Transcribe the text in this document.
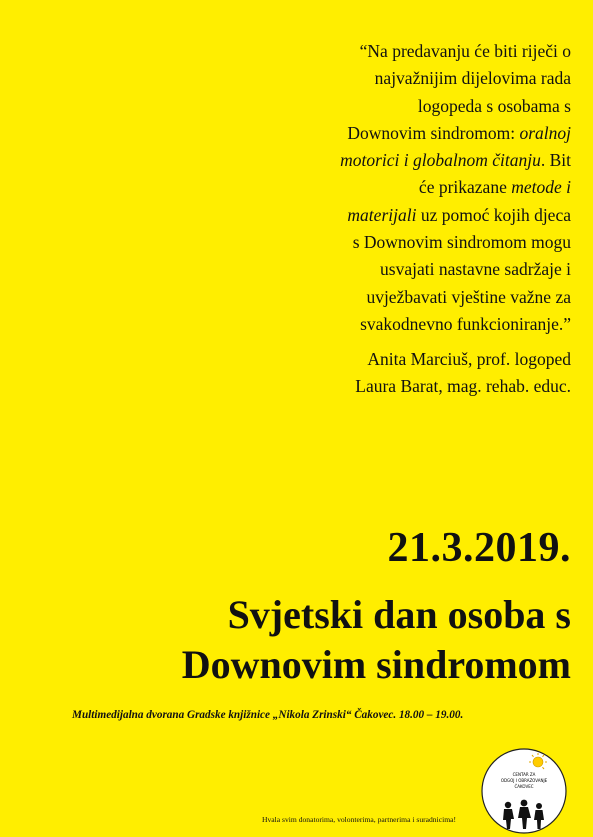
“Na predavanju će biti riječi o
najvažnijim dijelovima rada
logopeda s osobama s
Downovim sindromom: oralnoj
motorici i globalnom čitanju. Bit
će prikazane metode i
materijali uz pomoć kojih djeca
s Downovim sindromom mogu
usvajati nastavne sadržaje i
uvježbavati vještine važne za
svakodnevno funkcioniranje.”
Anita Marciuš, prof. logoped
Laura Barat, mag. rehab. educ.
21.3.2019.
Svjetski dan osoba s
Downovim sindromom
Multimedijalna dvorana Gradske knjižnice „Nikola Zrinski“ Čakovec. 18.00 – 19.00.
CENTAR ZA
ODGOJ I OBRAZOVANJE
ČAKOVEC
Hvala svim donatorima, volonterima, partnerima i suradnicima!
